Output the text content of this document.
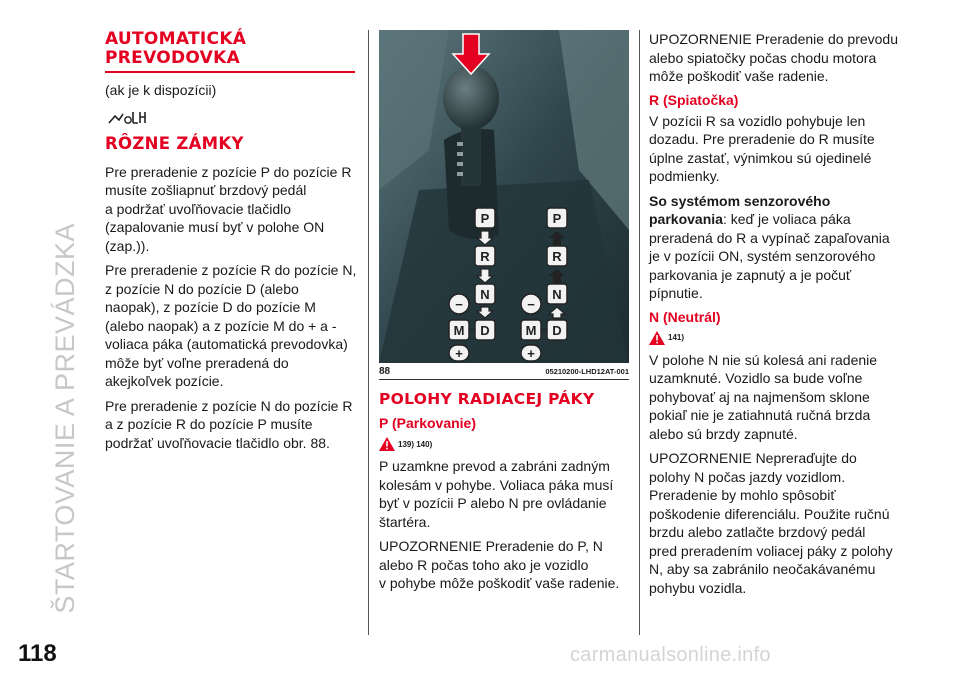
ŠTARTOVANIE A PREVÁDZKA
118
AUTOMATICKÁ
PREVODOVKA

(ak je k dispozícii)

RÔZNE ZÁMKY

Pre preradenie z pozície P do pozície R
musíte zošliapnuť brzdový pedál
a podržať uvoľňovacie tlačidlo
(zapalovanie musí byť v polohe ON
(zap.)).

Pre preradenie z pozície R do pozície N,
z pozície N do pozície D (alebo
naopak), z pozície D do pozície M
(alebo naopak) a z pozície M do + a -
voliaca páka (automatická prevodovka)
môže byť voľne preradená do
akejkoľvek pozície.

Pre preradenie z pozície N do pozície R
a z pozície R do pozície P musíte
podržať uvoľňovacie tlačidlo obr. 88.

P
R
N
D
M
−
+
P
R
N
D
M
−
+
88	05210200-LHD12AT-001
POLOHY RADIACEJ PÁKY
P (Parkovanie)
139) 140)

P uzamkne prevod a zabráni zadným
kolesám v pohybe. Voliaca páka musí
byť v pozícii P alebo N pre ovládanie
štartéra.

UPOZORNENIE Preradenie do P, N
alebo R počas toho ako je vozidlo
v pohybe môže poškodiť vaše radenie.

UPOZORNENIE Preradenie do prevodu
alebo spiatočky počas chodu motora
môže poškodiť vaše radenie.

R (Spiatočka)

V pozícii R sa vozidlo pohybuje len
dozadu. Pre preradenie do R musíte
úplne zastať, výnimkou sú ojedinelé
podmienky.

So systémom senzorového
parkovania: keď je voliaca páka
preradená do R a vypínač zapaľovania
je v pozícii ON, systém senzorového
parkovania je zapnutý a je počuť
pípnutie.

N (Neutrál)
141)

V polohe N nie sú kolesá ani radenie
uzamknuté. Vozidlo sa bude voľne
pohybovať aj na najmenšom sklone
pokiaľ nie je zatiahnutá ručná brzda
alebo sú brzdy zapnuté.

UPOZORNENIE Nepreraďujte do
polohy N počas jazdy vozidlom.
Preradenie by mohlo spôsobiť
poškodenie diferenciálu. Použite ručnú
brzdu alebo zatlačte brzdový pedál
pred preradením voliacej páky z polohy
N, aby sa zabránilo neočakávanému
pohybu vozidla.

carmanualsonline.info
